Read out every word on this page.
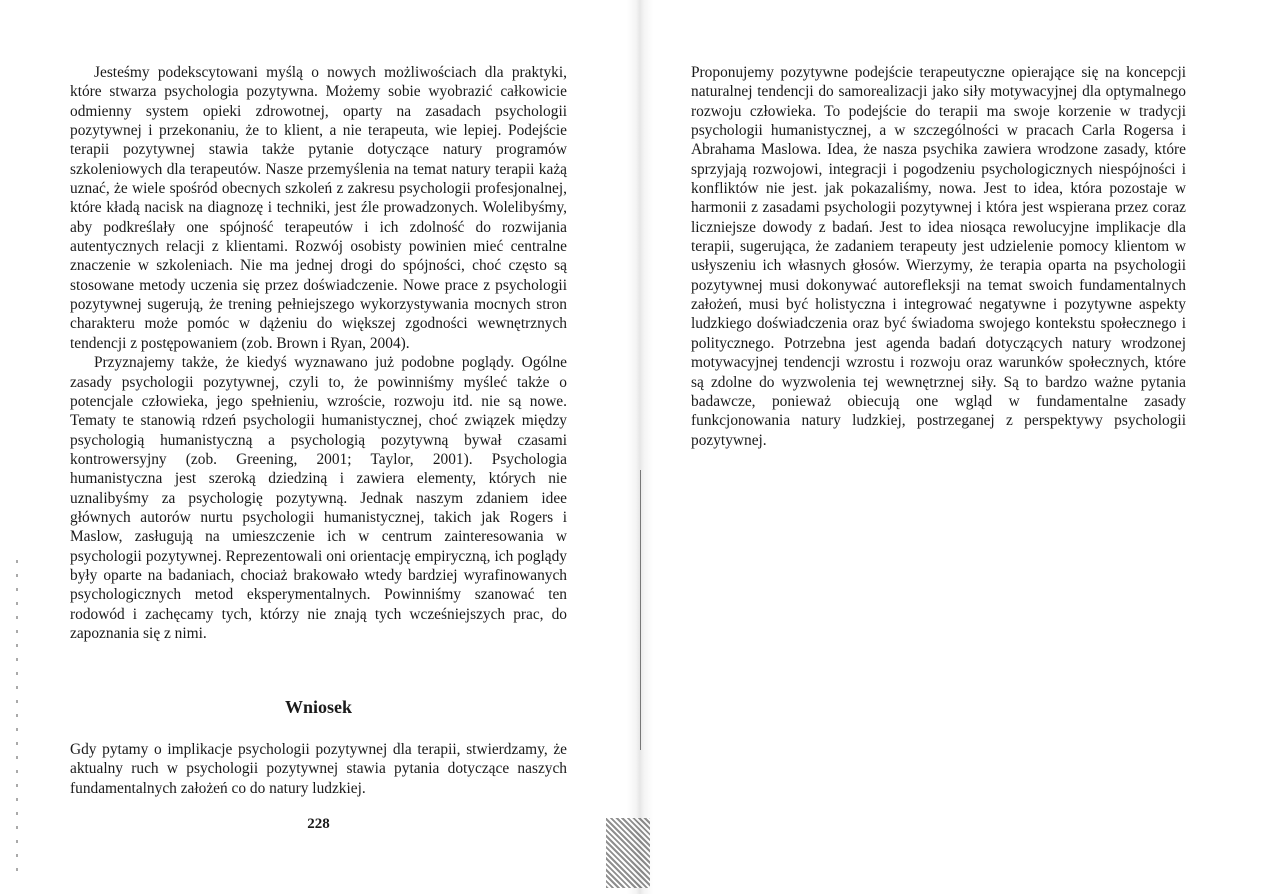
Jesteśmy podekscytowani myślą o nowych możliwościach dla praktyki, które stwarza psychologia pozytywna. Możemy sobie wyobrazić całkowicie odmienny system opieki zdrowotnej, oparty na zasadach psychologii pozytywnej i przekonaniu, że to klient, a nie terapeuta, wie lepiej. Podejście terapii pozytywnej stawia także pytanie dotyczące natury programów szkoleniowych dla terapeutów. Nasze przemyślenia na temat natury terapii każą uznać, że wiele spośród obecnych szkoleń z zakresu psychologii profesjonalnej, które kładą nacisk na diagnozę i techniki, jest źle prowadzonych. Wolelibyśmy, aby podkreślały one spójność terapeutów i ich zdolność do rozwijania autentycznych relacji z klientami. Rozwój osobisty powinien mieć centralne znaczenie w szkoleniach. Nie ma jednej drogi do spójności, choć często są stosowane metody uczenia się przez doświadczenie. Nowe prace z psychologii pozytywnej sugerują, że trening pełniejszego wykorzystywania mocnych stron charakteru może pomóc w dążeniu do większej zgodności wewnętrznych tendencji z postępowaniem (zob. Brown i Ryan, 2004).

Przyznajemy także, że kiedyś wyznawano już podobne poglądy. Ogólne zasady psychologii pozytywnej, czyli to, że powinniśmy myśleć także o potencjale człowieka, jego spełnieniu, wzroście, rozwoju itd. nie są nowe. Tematy te stanowią rdzeń psychologii humanistycznej, choć związek między psychologią humanistyczną a psychologią pozytywną bywał czasami kontrowersyjny (zob. Greening, 2001; Taylor, 2001). Psychologia humanistyczna jest szeroką dziedziną i zawiera elementy, których nie uznalibyśmy za psychologię pozytywną. Jednak naszym zdaniem idee głównych autorów nurtu psychologii humanistycznej, takich jak Rogers i Maslow, zasługują na umieszczenie ich w centrum zainteresowania w psychologii pozytywnej. Reprezentowali oni orientację empiryczną, ich poglądy były oparte na badaniach, chociaż brakowało wtedy bardziej wyrafinowanych psychologicznych metod eksperymentalnych. Powinniśmy szanować ten rodowód i zachęcamy tych, którzy nie znają tych wcześniejszych prac, do zapoznania się z nimi.

Wniosek

Gdy pytamy o implikacje psychologii pozytywnej dla terapii, stwierdzamy, że aktualny ruch w psychologii pozytywnej stawia pytania dotyczące naszych fundamentalnych założeń co do natury ludzkiej.

228

Proponujemy pozytywne podejście terapeutyczne opierające się na koncepcji naturalnej tendencji do samorealizacji jako siły motywacyjnej dla optymalnego rozwoju człowieka. To podejście do terapii ma swoje korzenie w tradycji psychologii humanistycznej, a w szczególności w pracach Carla Rogersa i Abrahama Maslowa. Idea, że nasza psychika zawiera wrodzone zasady, które sprzyjają rozwojowi, integracji i pogodzeniu psychologicznych niespójności i konfliktów nie jest. jak pokazaliśmy, nowa. Jest to idea, która pozostaje w harmonii z zasadami psychologii pozytywnej i która jest wspierana przez coraz liczniejsze dowody z badań. Jest to idea niosąca rewolucyjne implikacje dla terapii, sugerująca, że zadaniem terapeuty jest udzielenie pomocy klientom w usłyszeniu ich własnych głosów. Wierzymy, że terapia oparta na psychologii pozytywnej musi dokonywać autorefleksji na temat swoich fundamentalnych założeń, musi być holistyczna i integrować negatywne i pozytywne aspekty ludzkiego doświadczenia oraz być świadoma swojego kontekstu społecznego i politycznego. Potrzebna jest agenda badań dotyczących natury wrodzonej motywacyjnej tendencji wzrostu i rozwoju oraz warunków społecznych, które są zdolne do wyzwolenia tej wewnętrznej siły. Są to bardzo ważne pytania badawcze, ponieważ obiecują one wgląd w fundamentalne zasady funkcjonowania natury ludzkiej, postrzeganej z perspektywy psychologii pozytywnej.
